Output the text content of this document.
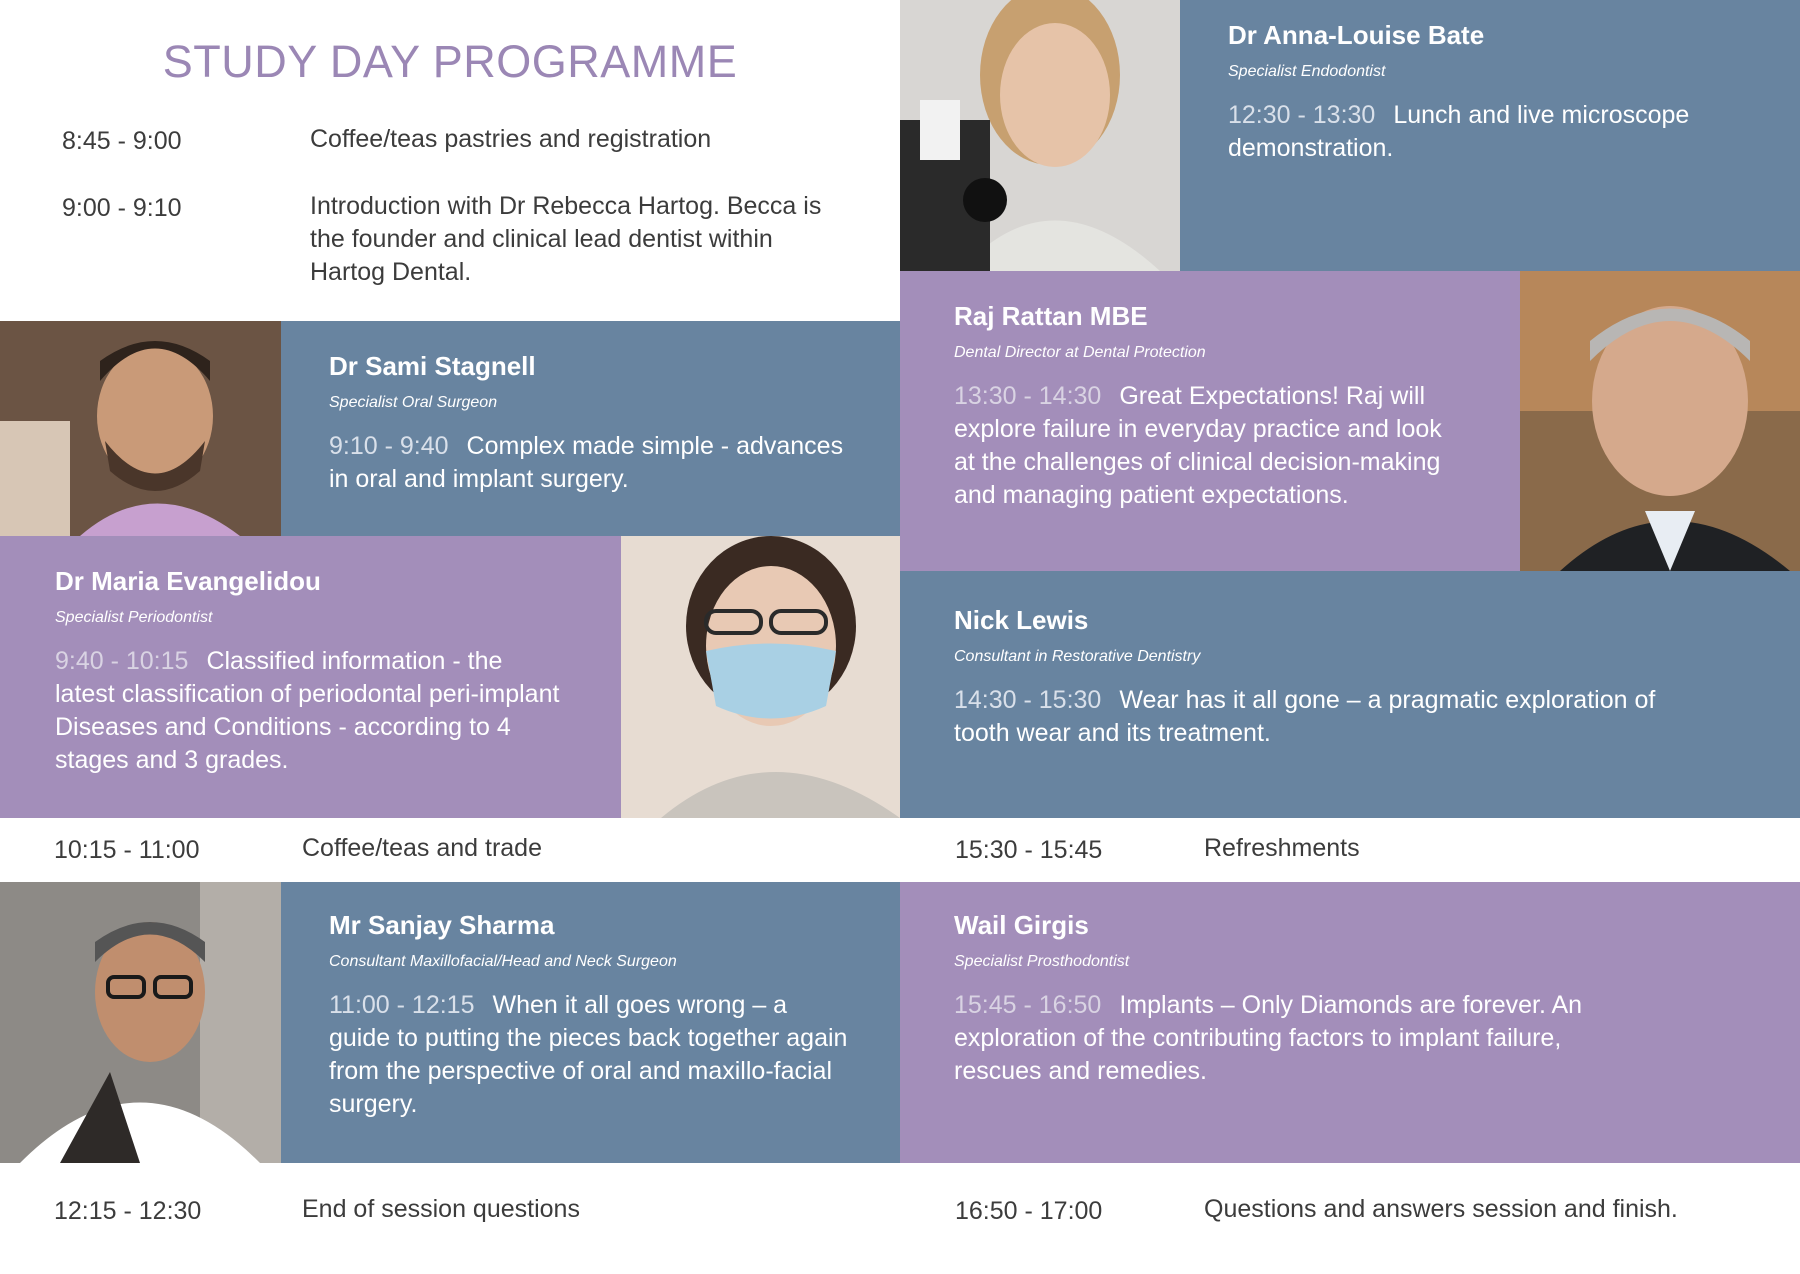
STUDY DAY PROGRAMME
8:45 - 9:00	Coffee/teas pastries and registration
9:00 - 9:10	Introduction with Dr Rebecca Hartog. Becca is the founder and clinical lead dentist within Hartog Dental.
Dr Anna-Louise Bate
Specialist Endodontist
12:30 - 13:30 Lunch and live microscope demonstration.
Dr Sami Stagnell
Specialist Oral Surgeon
9:10 - 9:40 Complex made simple - advances in oral and implant surgery.
Raj Rattan MBE
Dental Director at Dental Protection
13:30 - 14:30 Great Expectations! Raj will explore failure in everyday practice and look at the challenges of clinical decision-making and managing patient expectations.
Dr Maria Evangelidou
Specialist Periodontist
9:40 - 10:15 Classified information - the latest classification of periodontal peri-implant Diseases and Conditions - according to 4 stages and 3 grades.
Nick Lewis
Consultant in Restorative Dentistry
14:30 - 15:30 Wear has it all gone – a pragmatic exploration of tooth wear and its treatment.
10:15 - 11:00	Coffee/teas and trade	15:30 - 15:45	Refreshments
Mr Sanjay Sharma
Consultant Maxillofacial/Head and Neck Surgeon
11:00 - 12:15 When it all goes wrong – a guide to putting the pieces back together again from the perspective of oral and maxillo-facial surgery.
Wail Girgis
Specialist Prosthodontist
15:45 - 16:50 Implants – Only Diamonds are forever. An exploration of the contributing factors to implant failure, rescues and remedies.
12:15 - 12:30	End of session questions	16:50 - 17:00	Questions and answers session and finish.
